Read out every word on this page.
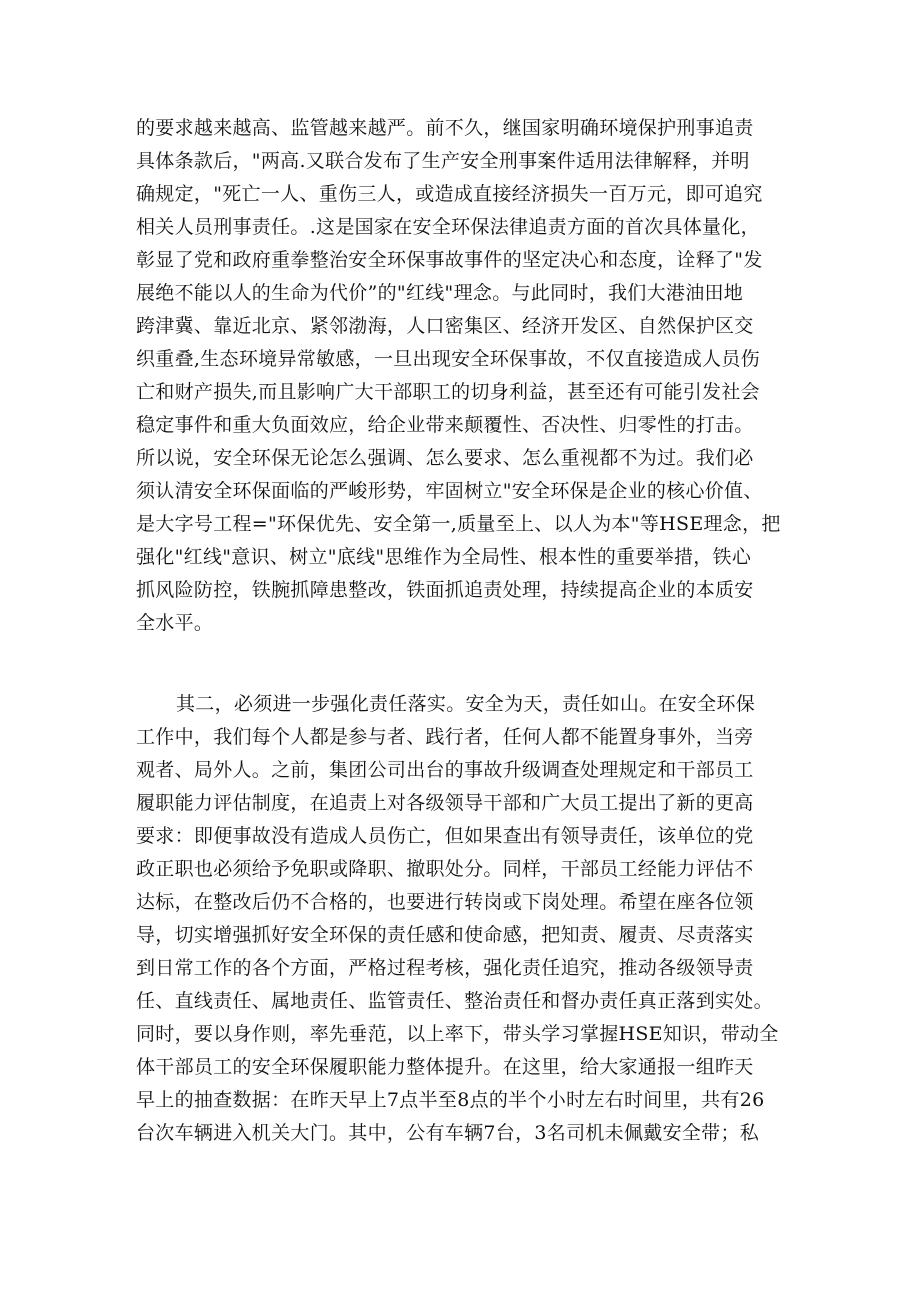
的要求越来越高、监管越来越严。前不久，继国家明确环境保护刑事追责
具体条款后，"两高.又联合发布了生产安全刑事案件适用法律解释，并明
确规定，"死亡一人、重伤三人，或造成直接经济损失一百万元，即可追究
相关人员刑事责任。.这是国家在安全环保法律追责方面的首次具体量化，
彰显了党和政府重拳整治安全环保事故事件的坚定决心和态度，诠释了"发
展绝不能以人的生命为代价”的"红线"理念。与此同时，我们大港油田地
跨津冀、靠近北京、紧邻渤海，人口密集区、经济开发区、自然保护区交
织重叠,生态环境异常敏感，一旦出现安全环保事故，不仅直接造成人员伤
亡和财产损失,而且影响广大干部职工的切身利益，甚至还有可能引发社会
稳定事件和重大负面效应，给企业带来颠覆性、否决性、归零性的打击。
所以说，安全环保无论怎么强调、怎么要求、怎么重视都不为过。我们必
须认清安全环保面临的严峻形势，牢固树立"安全环保是企业的核心价值、
是大字号工程="环保优先、安全第一,质量至上、以人为本"等HSE理念，把
强化"红线"意识、树立"底线"思维作为全局性、根本性的重要举措，铁心
抓风险防控，铁腕抓障患整改，铁面抓追责处理，持续提高企业的本质安
全水平。
其二，必须进一步强化责任落实。安全为天，责任如山。在安全环保
工作中，我们每个人都是参与者、践行者，任何人都不能置身事外，当旁
观者、局外人。之前，集团公司出台的事故升级调查处理规定和干部员工
履职能力评估制度，在追责上对各级领导干部和广大员工提出了新的更高
要求：即便事故没有造成人员伤亡，但如果查出有领导责任，该单位的党
政正职也必须给予免职或降职、撤职处分。同样，干部员工经能力评估不
达标，在整改后仍不合格的，也要进行转岗或下岗处理。希望在座各位领
导，切实增强抓好安全环保的责任感和使命感，把知责、履责、尽责落实
到日常工作的各个方面，严格过程考核，强化责任追究，推动各级领导责
任、直线责任、属地责任、监管责任、整治责任和督办责任真正落到实处。
同时，要以身作则，率先垂范，以上率下，带头学习掌握HSE知识，带动全
体干部员工的安全环保履职能力整体提升。在这里，给大家通报一组昨天
早上的抽查数据：在昨天早上7点半至8点的半个小时左右时间里，共有26
台次车辆进入机关大门。其中，公有车辆7台，3名司机未佩戴安全带；私
